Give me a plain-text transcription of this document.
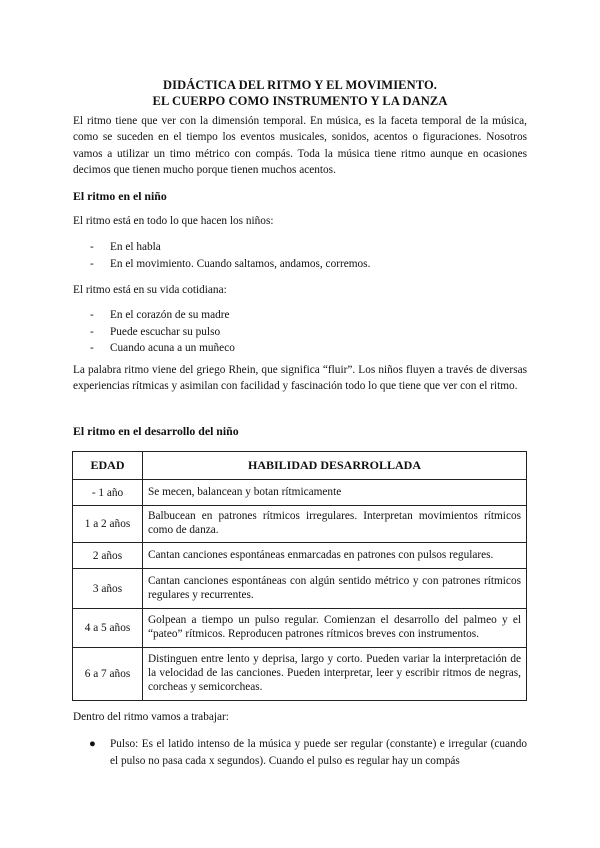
DIDÁCTICA DEL RITMO Y EL MOVIMIENTO.
EL CUERPO COMO INSTRUMENTO Y LA DANZA

El ritmo tiene que ver con la dimensión temporal. En música, es la faceta temporal de la música, como se suceden en el tiempo los eventos musicales, sonidos, acentos o figuraciones. Nosotros vamos a utilizar un timo métrico con compás. Toda la música tiene ritmo aunque en ocasiones decimos que tienen mucho porque tienen muchos acentos.

El ritmo en el niño
El ritmo está en todo lo que hacen los niños:
- En el habla
- En el movimiento. Cuando saltamos, andamos, corremos.
El ritmo está en su vida cotidiana:
- En el corazón de su madre
- Puede escuchar su pulso
- Cuando acuna a un muñeco

La palabra ritmo viene del griego Rhein, que significa “fluir”. Los niños fluyen a través de diversas experiencias rítmicas y asimilan con facilidad y fascinación todo lo que tiene que ver con el ritmo.

El ritmo en el desarrollo del niño
EDAD	HABILIDAD DESARROLLADA
- 1 año	Se mecen, balancean y botan rítmicamente
1 a 2 años	Balbucean en patrones rítmicos irregulares. Interpretan movimientos rítmicos como de danza.
2 años	Cantan canciones espontáneas enmarcadas en patrones con pulsos regulares.
3 años	Cantan canciones espontáneas con algún sentido métrico y con patrones rítmicos regulares y recurrentes.
4 a 5 años	Golpean a tiempo un pulso regular. Comienzan el desarrollo del palmeo y el “pateo” rítmicos. Reproducen patrones rítmicos breves con instrumentos.
6 a 7 años	Distinguen entre lento y deprisa, largo y corto. Pueden variar la interpretación de la velocidad de las canciones. Pueden interpretar, leer y escribir ritmos de negras, corcheas y semicorcheas.
Dentro del ritmo vamos a trabajar:
● Pulso: Es el latido intenso de la música y puede ser regular (constante) e irregular (cuando el pulso no pasa cada x segundos). Cuando el pulso es regular hay un compás
